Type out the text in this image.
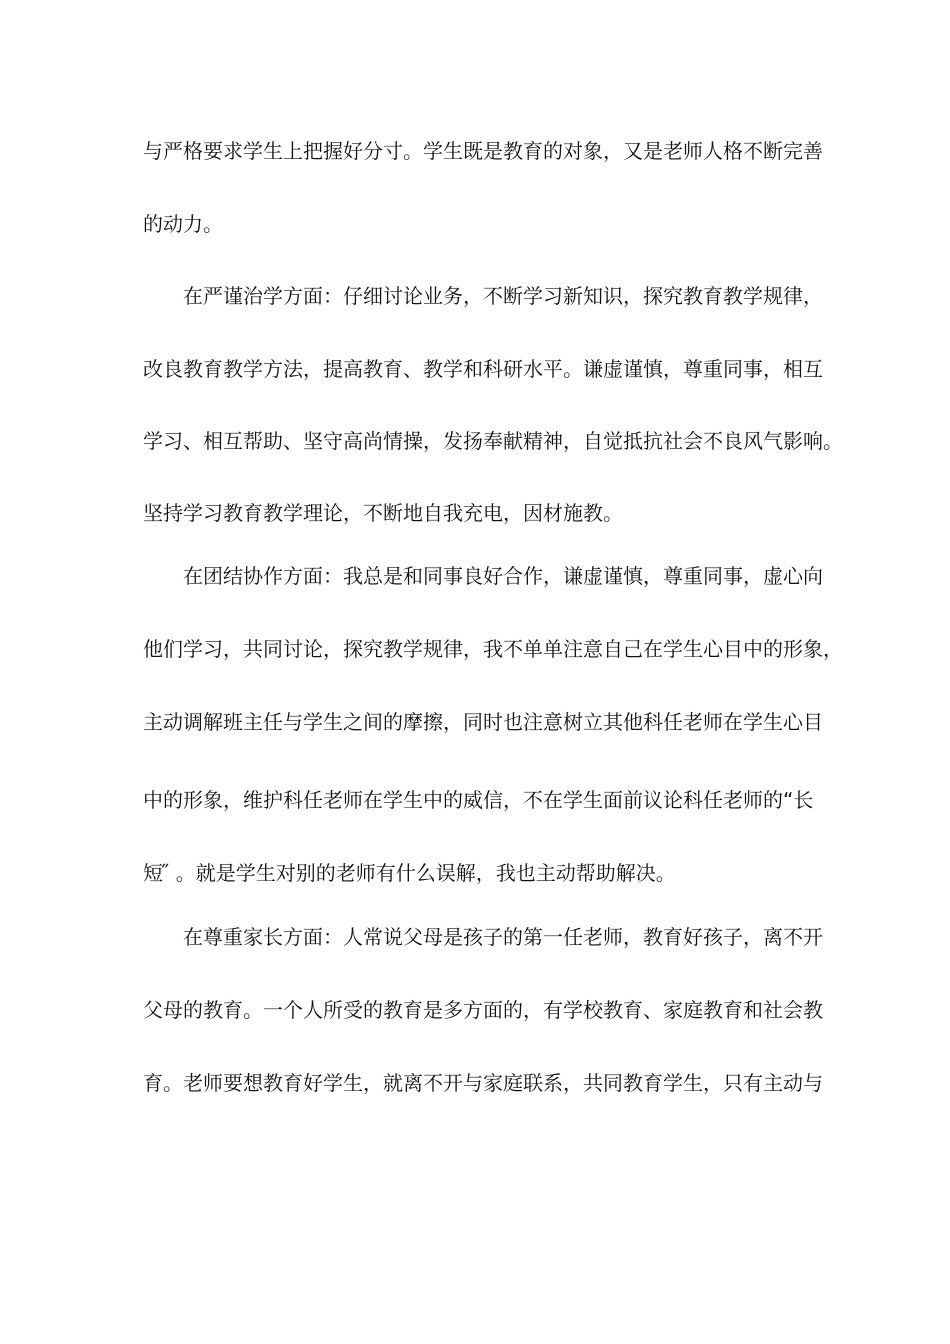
与严格要求学生上把握好分寸。学生既是教育的对象，又是老师人格不断完善
的动力。
在严谨治学方面：仔细讨论业务，不断学习新知识，探究教育教学规律，
改良教育教学方法，提高教育、教学和科研水平。谦虚谨慎，尊重同事，相互
学习、相互帮助、坚守高尚情操，发扬奉献精神，自觉抵抗社会不良风气影响。
坚持学习教育教学理论，不断地自我充电，因材施教。
在团结协作方面：我总是和同事良好合作，谦虚谨慎，尊重同事，虚心向
他们学习，共同讨论，探究教学规律，我不单单注意自己在学生心目中的形象，
主动调解班主任与学生之间的摩擦，同时也注意树立其他科任老师在学生心目
中的形象，维护科任老师在学生中的威信，不在学生面前议论科任老师的“长
短 ̋ 。就是学生对别的老师有什么误解，我也主动帮助解决。
在尊重家长方面：人常说父母是孩子的第一任老师，教育好孩子，离不开
父母的教育。一个人所受的教育是多方面的，有学校教育、家庭教育和社会教
育。老师要想教育好学生，就离不开与家庭联系，共同教育学生，只有主动与
